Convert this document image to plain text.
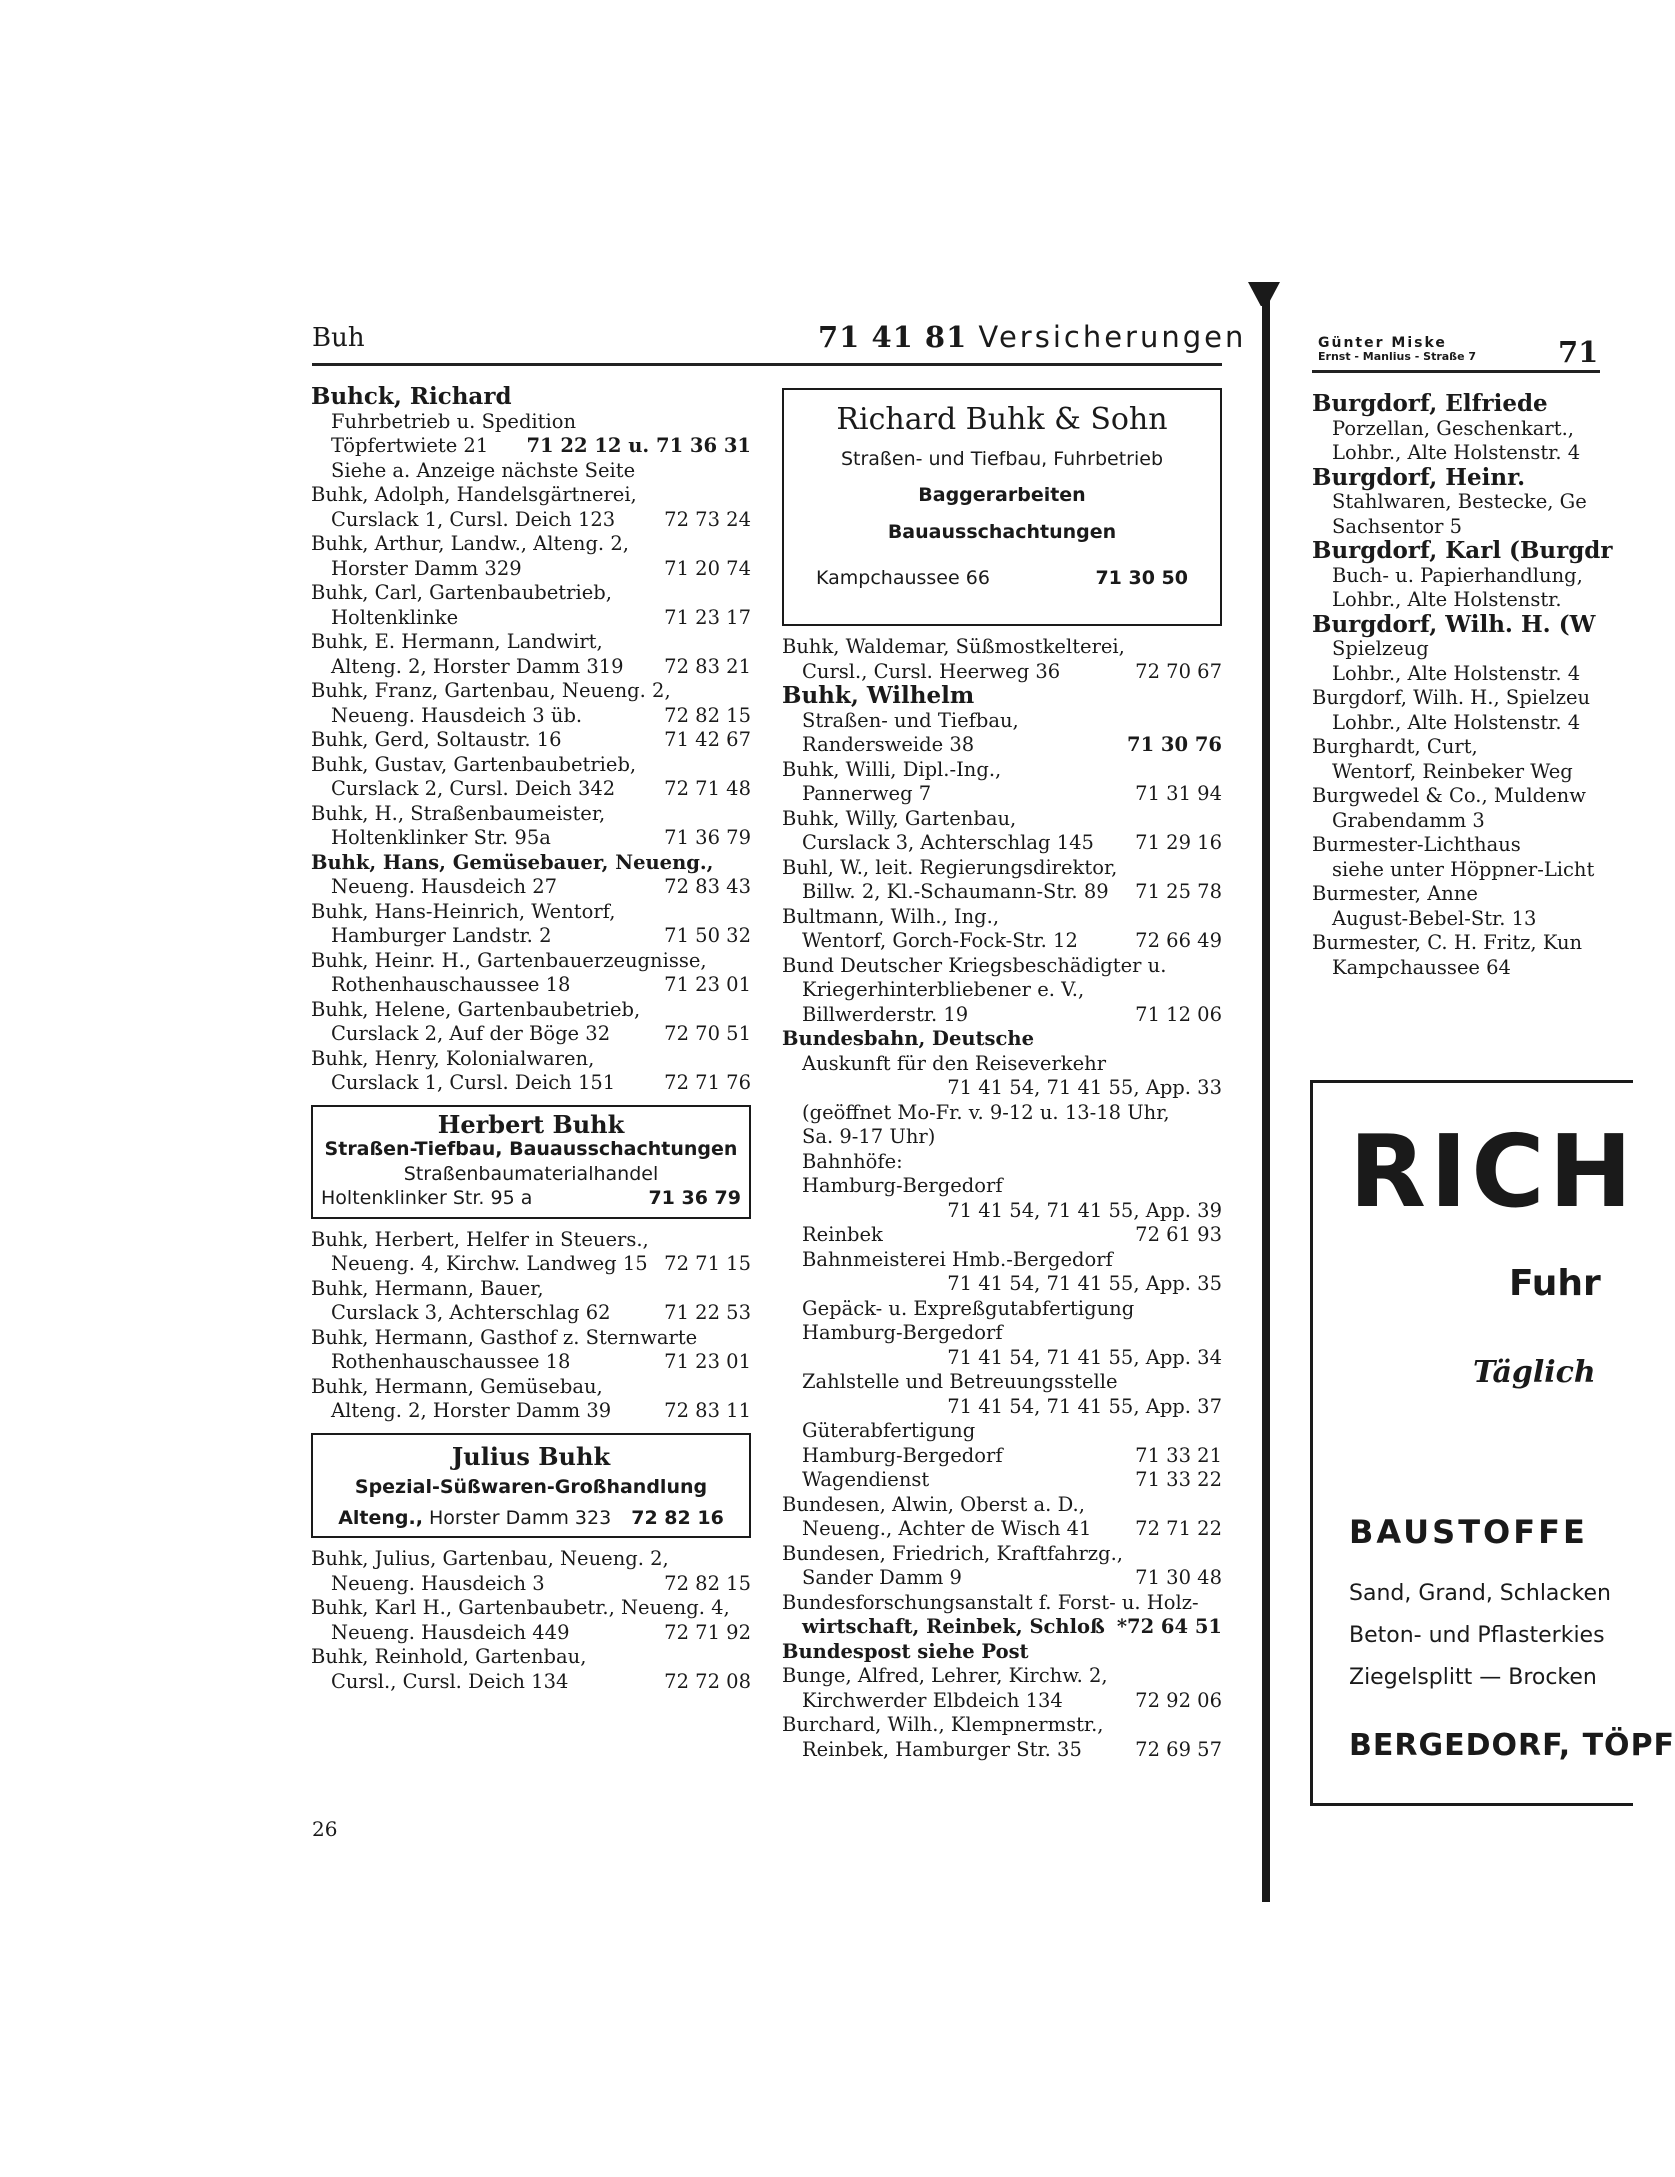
Buh	71 41 81 Versicherungen	Günter Miske
Ernst - Manlius - Straße 7	71
Buhck, Richard
Fuhrbetrieb u. Spedition
Töpfertwiete 21 71 22 12 u. 71 36 31
Siehe a. Anzeige nächste Seite
Buhk, Adolph, Handelsgärtnerei,
Curslack 1, Cursl. Deich 123	72 73 24
Buhk, Arthur, Landw., Alteng. 2,
Horster Damm 329	71 20 74
Buhk, Carl, Gartenbaubetrieb,
Holtenklinke	71 23 17
Buhk, E. Hermann, Landwirt,
Alteng. 2, Horster Damm 319 72 83 21
Buhk, Franz, Gartenbau, Neueng. 2,
Neueng. Hausdeich 3 üb.	72 82 15
Buhk, Gerd, Soltaustr. 16	71 42 67
Buhk, Gustav, Gartenbaubetrieb,
Curslack 2, Cursl. Deich 342	72 71 48
Buhk, H., Straßenbaumeister,
Holtenklinker Str. 95a	71 36 79
Buhk, Hans, Gemüsebauer, Neueng.,
Neueng. Hausdeich 27	72 83 43
Buhk, Hans-Heinrich, Wentorf,
Hamburger Landstr. 2	71 50 32
Buhk, Heinr. H., Gartenbauerzeugnisse,
Rothenhauschaussee 18	71 23 01
Buhk, Helene, Gartenbaubetrieb,
Curslack 2, Auf der Böge 32	72 70 51
Buhk, Henry, Kolonialwaren,
Curslack 1, Cursl. Deich 151	72 71 76
Herbert Buhk
Straßen-Tiefbau, Bauausschachtungen
Straßenbaumaterialhandel
Holtenklinker Str. 95 a	71 36 79
Buhk, Herbert, Helfer in Steuers.,
Neueng. 4, Kirchw. Landweg 15 72 71 15
Buhk, Hermann, Bauer,
Curslack 3, Achterschlag 62	71 22 53
Buhk, Hermann, Gasthof z. Sternwarte
Rothenhauschaussee 18	71 23 01
Buhk, Hermann, Gemüsebau,
Alteng. 2, Horster Damm 39	72 83 11
Julius Buhk
Spezial-Süßwaren-Großhandlung
Alteng., Horster Damm 323 72 82 16
Buhk, Julius, Gartenbau, Neueng. 2,
Neueng. Hausdeich 3	72 82 15
Buhk, Karl H., Gartenbaubetr., Neueng. 4,
Neueng. Hausdeich 449	72 71 92
Buhk, Reinhold, Gartenbau,
Cursl., Cursl. Deich 134	72 72 08
Richard Buhk & Sohn
Straßen- und Tiefbau, Fuhrbetrieb
Baggerarbeiten
Bauausschachtungen
Kampchaussee 66	71 30 50
Buhk, Waldemar, Süßmostkelterei,
Cursl., Cursl. Heerweg 36	72 70 67
Buhk, Wilhelm
Straßen- und Tiefbau,
Randersweide 38	71 30 76
Buhk, Willi, Dipl.-Ing.,
Pannerweg 7	71 31 94
Buhk, Willy, Gartenbau,
Curslack 3, Achterschlag 145 71 29 16
Buhl, W., leit. Regierungsdirektor,
Billw. 2, Kl.-Schaumann-Str. 89 71 25 78
Bultmann, Wilh., Ing.,
Wentorf, Gorch-Fock-Str. 12	72 66 49
Bund Deutscher Kriegsbeschädigter u.
Kriegerhinterbliebener e. V.,
Billwerderstr. 19	71 12 06
Bundesbahn, Deutsche
Auskunft für den Reiseverkehr
71 41 54, 71 41 55, App. 33
(geöffnet Mo-Fr. v. 9-12 u. 13-18 Uhr,
Sa. 9-17 Uhr)
Bahnhöfe:
Hamburg-Bergedorf
71 41 54, 71 41 55, App. 39
Reinbek	72 61 93
Bahnmeisterei Hmb.-Bergedorf
71 41 54, 71 41 55, App. 35
Gepäck- u. Expreßgutabfertigung
Hamburg-Bergedorf
71 41 54, 71 41 55, App. 34
Zahlstelle und Betreuungsstelle
71 41 54, 71 41 55, App. 37
Güterabfertigung
Hamburg-Bergedorf	71 33 21
Wagendienst	71 33 22
Bundesen, Alwin, Oberst a. D.,
Neueng., Achter de Wisch 41 72 71 22
Bundesen, Friedrich, Kraftfahrzg.,
Sander Damm 9	71 30 48
Bundesforschungsanstalt f. Forst- u. Holz-
wirtschaft, Reinbek, Schloß *72 64 51
Bundespost siehe Post
Bunge, Alfred, Lehrer, Kirchw. 2,
Kirchwerder Elbdeich 134	72 92 06
Burchard, Wilh., Klempnermstr.,
Reinbek, Hamburger Str. 35	72 69 57
Burgdorf, Elfriede
Porzellan, Geschenkart.,
Lohbr., Alte Holstenstr. 4
Burgdorf, Heinr.
Stahlwaren, Bestecke, Ge
Sachsentor 5
Burgdorf, Karl (Burgdr
Buch- u. Papierhandlung,
Lohbr., Alte Holstenstr.
Burgdorf, Wilh. H. (W
Spielzeug
Lohbr., Alte Holstenstr. 4
Burgdorf, Wilh. H., Spielzeu
Lohbr., Alte Holstenstr. 4
Burghardt, Curt,
Wentorf, Reinbeker Weg
Burgwedel & Co., Muldenw
Grabendamm 3
Burmester-Lichthaus
siehe unter Höppner-Licht
Burmester, Anne
August-Bebel-Str. 13
Burmester, C. H. Fritz, Kun
Kampchaussee 64
RICH
Fuhr
Täglich
BAUSTOFFE
Sand, Grand, Schlacken
Beton- und Pflasterkies
Ziegelsplitt — Brocken
BERGEDORF, TÖPF
26
